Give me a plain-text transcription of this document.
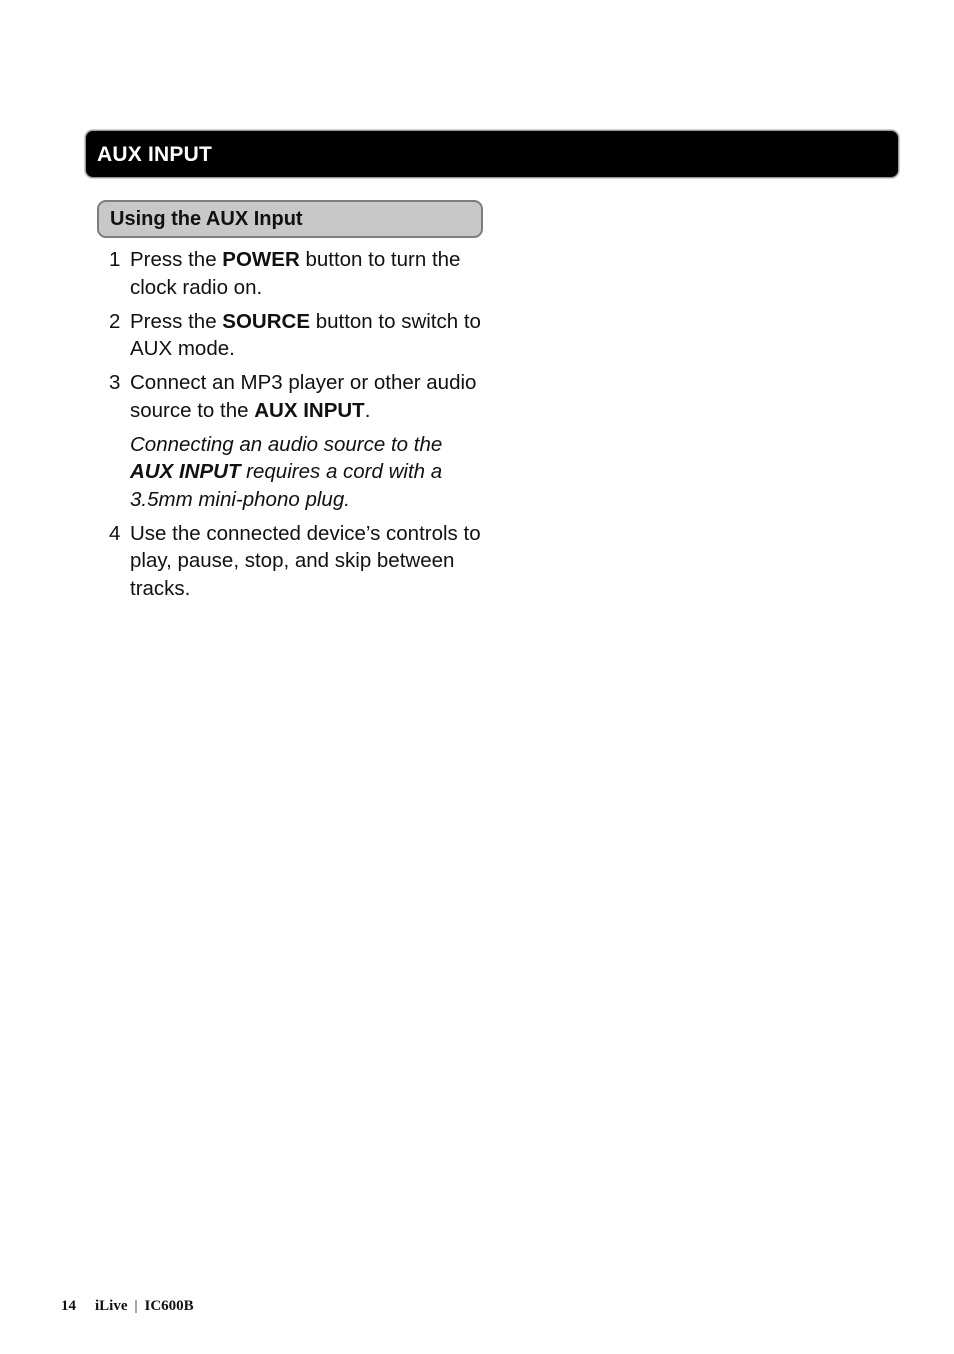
AUX INPUT
Using the AUX Input
1 Press the POWER button to turn the clock radio on.
2 Press the SOURCE button to switch to AUX mode.
3 Connect an MP3 player or other audio source to the AUX INPUT.
Connecting an audio source to the AUX INPUT requires a cord with a 3.5mm mini-phono plug.
4 Use the connected device’s controls to play, pause, stop, and skip between tracks.
14 iLive | IC600B
